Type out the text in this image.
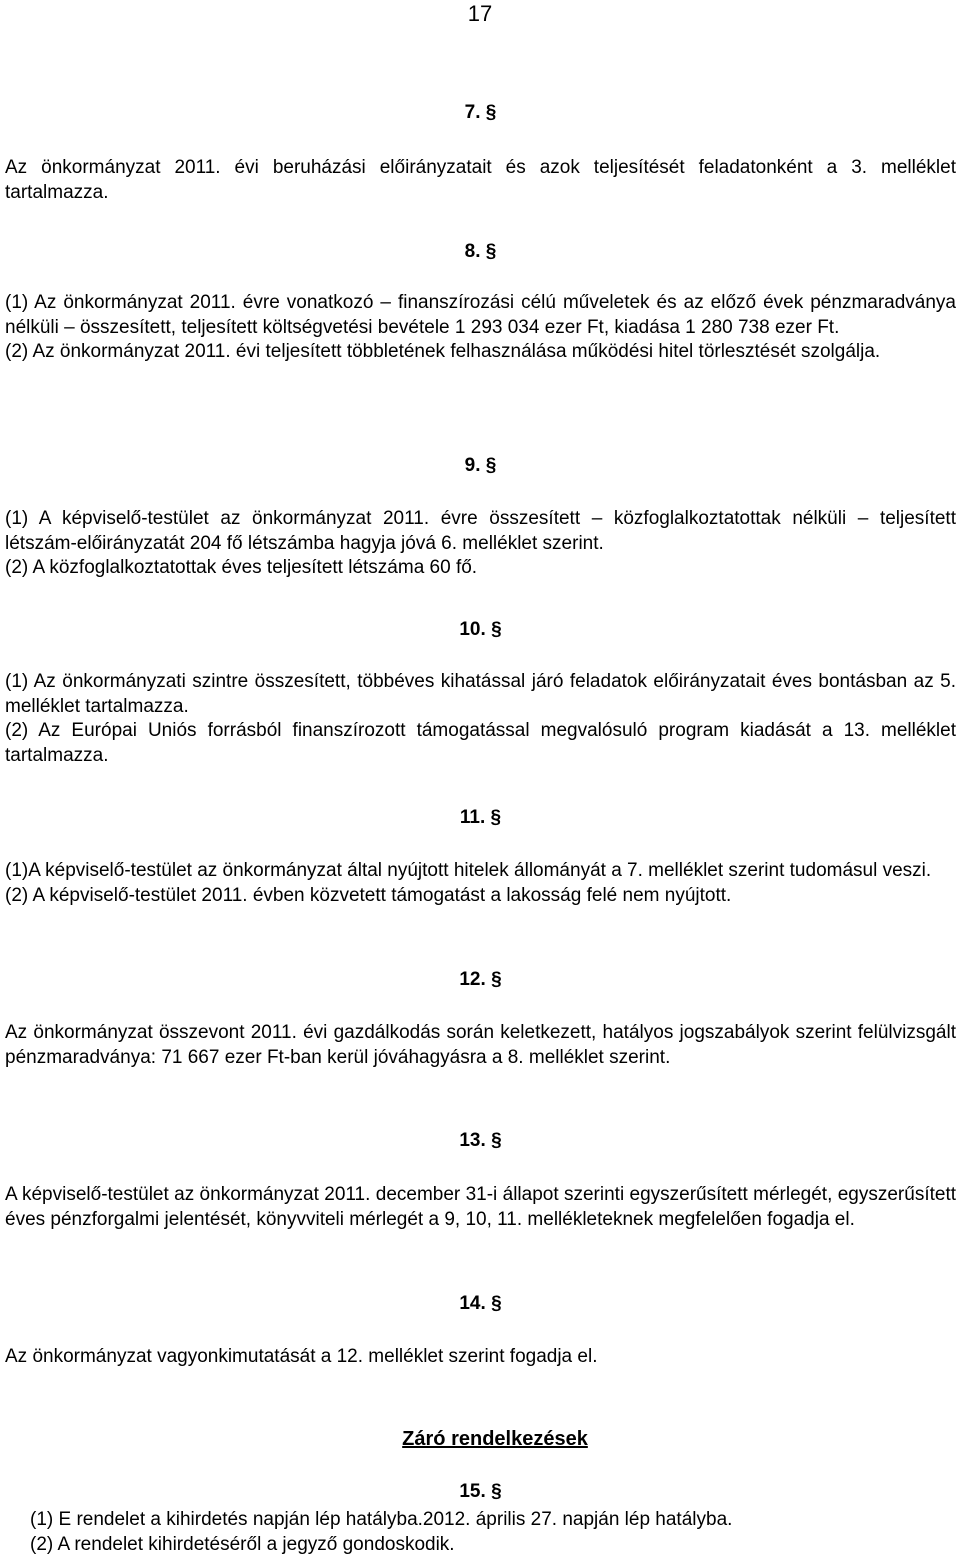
17
7. §

Az önkormányzat 2011. évi beruházási előirányzatait és azok teljesítését feladatonként a 3. melléklet tartalmazza.

8. §

(1) Az önkormányzat 2011. évre vonatkozó – finanszírozási célú műveletek és az előző évek pénzmaradványa nélküli – összesített, teljesített költségvetési bevétele 1 293 034 ezer Ft, kiadása 1 280 738 ezer Ft.

(2) Az önkormányzat 2011. évi teljesített többletének felhasználása működési hitel törlesztését szolgálja.

9. §

(1) A képviselő-testület az önkormányzat 2011. évre összesített – közfoglalkoztatottak nélküli – teljesített létszám-előirányzatát 204 fő létszámba hagyja jóvá 6. melléklet szerint.

(2) A közfoglalkoztatottak éves teljesített létszáma 60 fő.

10. §

(1) Az önkormányzati szintre összesített, többéves kihatással járó feladatok előirányzatait éves bontásban az 5. melléklet tartalmazza.

(2) Az Európai Uniós forrásból finanszírozott támogatással megvalósuló program kiadását a 13. melléklet tartalmazza.

11. §

(1)A képviselő-testület az önkormányzat által nyújtott hitelek állományát a 7. melléklet szerint tudomásul veszi.

(2) A képviselő-testület 2011. évben közvetett támogatást a lakosság felé nem nyújtott.

12. §

Az önkormányzat összevont 2011. évi gazdálkodás során keletkezett, hatályos jogszabályok szerint felülvizsgált pénzmaradványa: 71 667 ezer Ft-ban kerül jóváhagyásra a 8. melléklet szerint.

13. §

A képviselő-testület az önkormányzat 2011. december 31-i állapot szerinti egyszerűsített mérlegét, egyszerűsített éves pénzforgalmi jelentését, könyvviteli mérlegét a 9, 10, 11. mellékleteknek megfelelően fogadja el.

14. §

Az önkormányzat vagyonkimutatását a 12. melléklet szerint fogadja el.

Záró rendelkezések
15. §

(1) E rendelet a kihirdetés napján lép hatályba.2012. április 27. napján lép hatályba.

(2) A rendelet kihirdetéséről a jegyző gondoskodik.
